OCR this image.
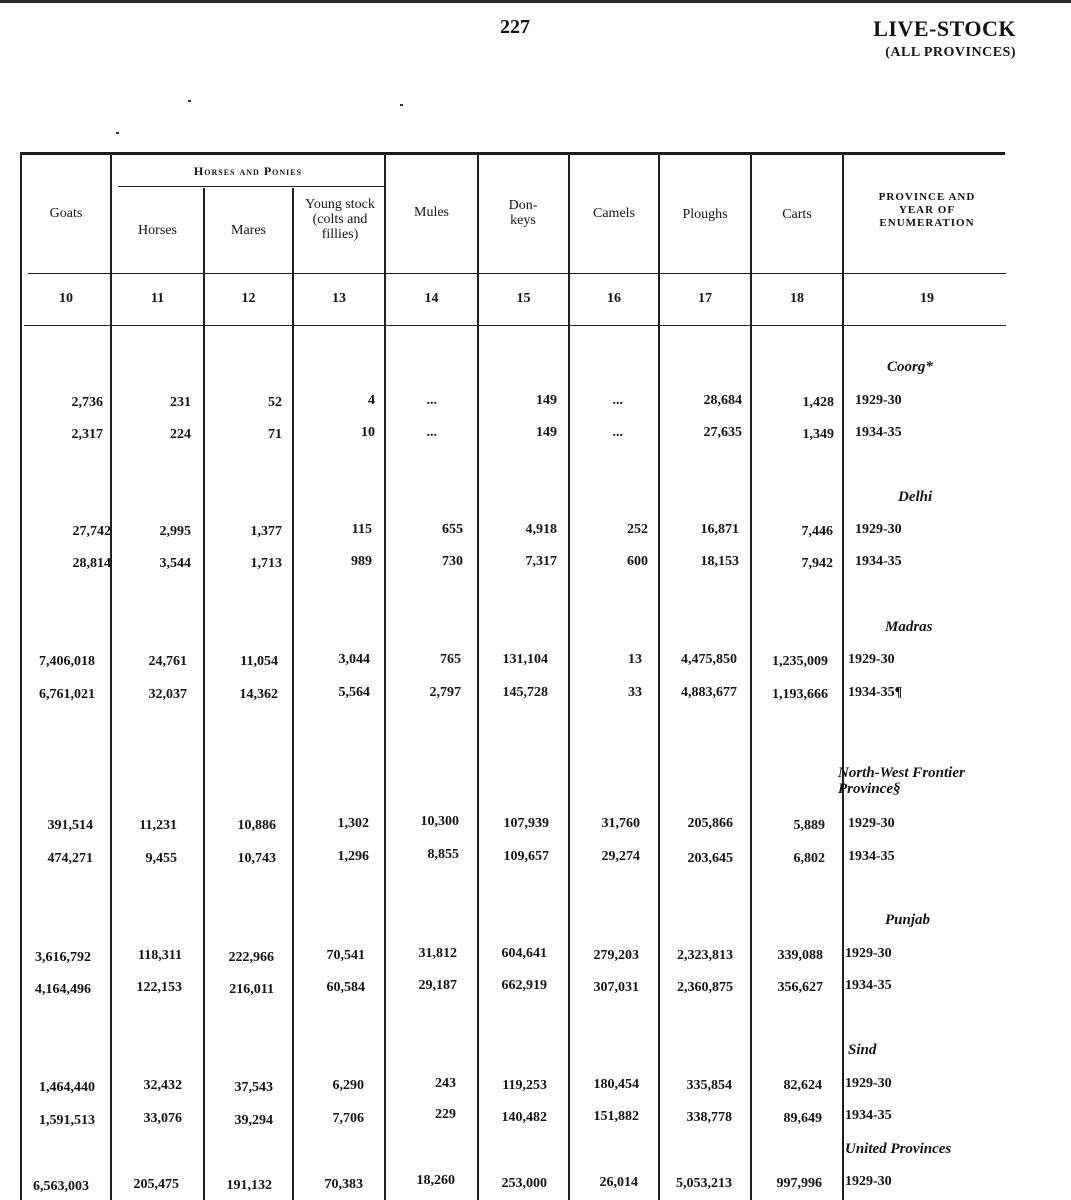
227	LIVE-STOCK
(ALL PROVINCES)
Horses and Ponies
Goats
Horses	Mares
Young stock (colts and fillies)
Mules	Don-keys	Camels	Ploughs	Carts
PROVINCE AND YEAR OF ENUMERATION
10	11	12	13	14	15	16	17	18	19
Coorg*
2,736	231	52	4	...	149	...	28,684	1,428 1929-30
2,317	224	71	10	...	149	...	27,635	1,349 1934-35
Delhi
27,742	2,995	1,377	115	655	4,918	252	16,871	7,446 1929-30
28,814	3,544	1,713	989	730	7,317	600	18,153	7,942 1934-35
Madras
7,406,018	24,761	11,054	3,044	765	131,104	13	4,475,850	1,235,009 1929-30
6,761,021	32,037	14,362	5,564	2,797	145,728	33	4,883,677	1,193,666 1934-35¶
North-West Frontier Province§
391,514	11,231	10,886	1,302	10,300	107,939	31,760	205,866	5,889 1929-30
474,271	9,455	10,743	1,296	8,855	109,657	29,274	203,645	6,802 1934-35
Punjab
3,616,792	118,311	222,966	70,541	31,812	604,641	279,203	2,323,813	339,088 1929-30
4,164,496	122,153	216,011	60,584	29,187	662,919	307,031	2,360,875	356,627 1934-35
Sind
1,464,440	32,432	37,543	6,290	243	119,253	180,454	335,854	82,624 1929-30
1,591,513	33,076	39,294	7,706	229	140,482	151,882	338,778	89,649 1934-35
United Provinces
6,563,003	205,475	191,132	70,383	18,260	253,000	26,014	5,053,213	997,996 1929-30
